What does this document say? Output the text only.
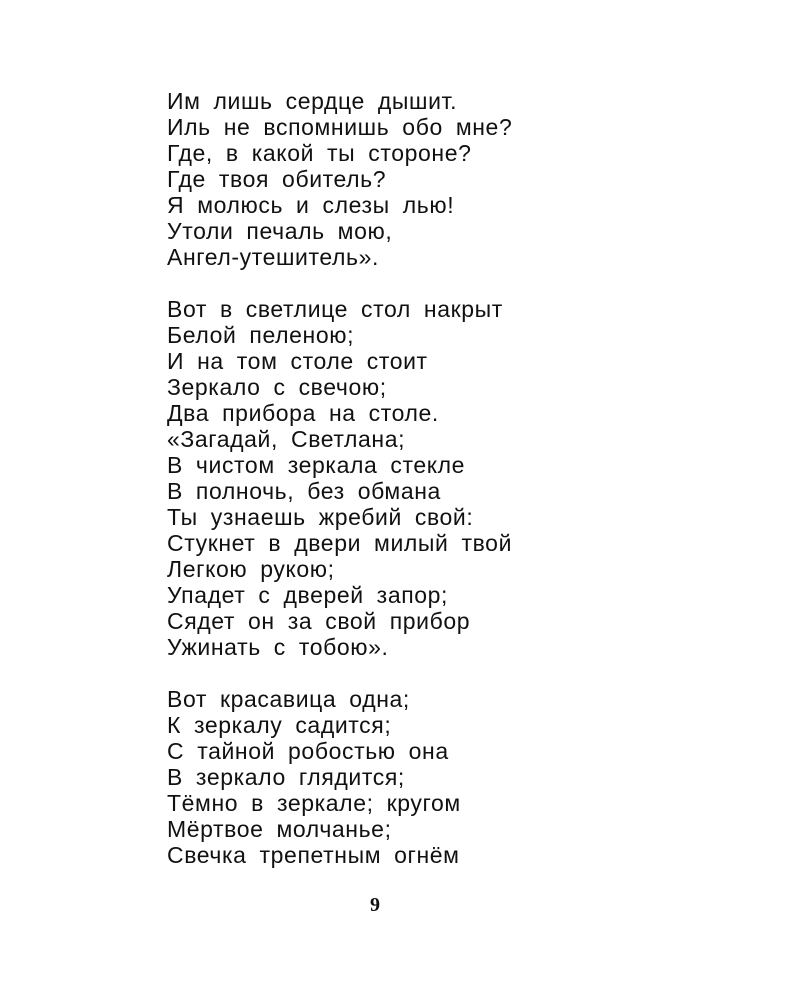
Им лишь сердце дышит.
Иль не вспомнишь обо мне?
Где, в какой ты стороне?
Где твоя обитель?
Я молюсь и слезы лью!
Утоли печаль мою,
Ангел-утешитель».
Вот в светлице стол накрыт
Белой пеленою;
И на том столе стоит
Зеркало с свечою;
Два прибора на столе.
«Загадай, Светлана;
В чистом зеркала стекле
В полночь, без обмана
Ты узнаешь жребий свой:
Стукнет в двери милый твой
Легкою рукою;
Упадет с дверей запор;
Сядет он за свой прибор
Ужинать с тобою».
Вот красавица одна;
К зеркалу садится;
С тайной робостью она
В зеркало глядится;
Тёмно в зеркале; кругом
Мёртвое молчанье;
Свечка трепетным огнём
9
